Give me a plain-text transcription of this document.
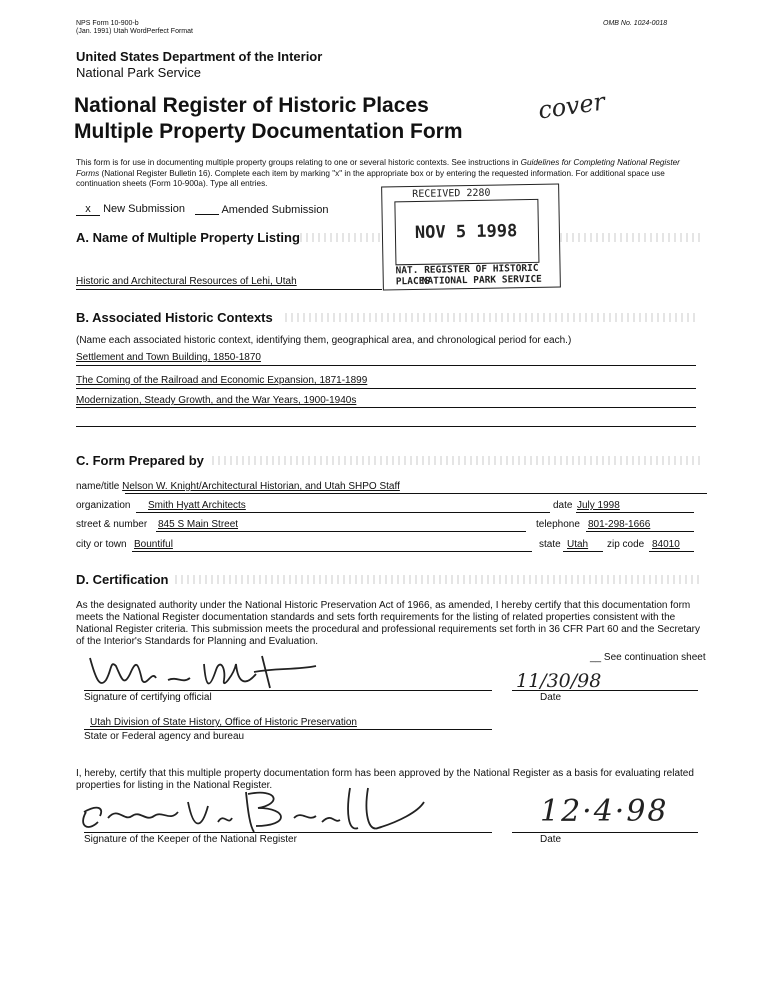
NPS Form 10-900-b
(Jan. 1991) Utah WordPerfect Format
OMB No. 1024-0018
United States Department of the Interior
National Park Service
National Register of Historic Places
Multiple Property Documentation Form
cover
This form is for use in documenting multiple property groups relating to one or several historic contexts. See instructions in Guidelines for Completing National Register Forms (National Register Bulletin 16). Complete each item by marking "x" in the appropriate box or by entering the requested information. For additional space use continuation sheets (Form 10-900a). Type all entries.
x New Submission	Amended Submission
RECEIVED 2280
NOV 5 1998
NAT. REGISTER OF HISTORIC PLACES
NATIONAL PARK SERVICE
A. Name of Multiple Property Listing
Historic and Architectural Resources of Lehi, Utah
B. Associated Historic Contexts
(Name each associated historic context, identifying them, geographical area, and chronological period for each.)
Settlement and Town Building, 1850-1870
The Coming of the Railroad and Economic Expansion, 1871-1899
Modernization, Steady Growth, and the War Years, 1900-1940s
C. Form Prepared by
name/title Nelson W. Knight/Architectural Historian, and Utah SHPO Staff
organization Smith Hyatt Architects	date July 1998
street & number 845 S Main Street	telephone 801-298-1666
city or town Bountiful	state Utah zip code 84010
D. Certification
As the designated authority under the National Historic Preservation Act of 1966, as amended, I hereby certify that this documentation form meets the National Register documentation standards and sets forth requirements for the listing of related properties consistent with the National Register criteria. This submission meets the procedural and professional requirements set forth in 36 CFR Part 60 and the Secretary of the Interior's Standards for Planning and Evaluation.
__ See continuation sheet
Signature of certifying official
11/30/98
Date
Utah Division of State History, Office of Historic Preservation
State or Federal agency and bureau
I, hereby, certify that this multiple property documentation form has been approved by the National Register as a basis for evaluating related properties for listing in the National Register.
Signature of the Keeper of the National Register
12·4·98
Date
